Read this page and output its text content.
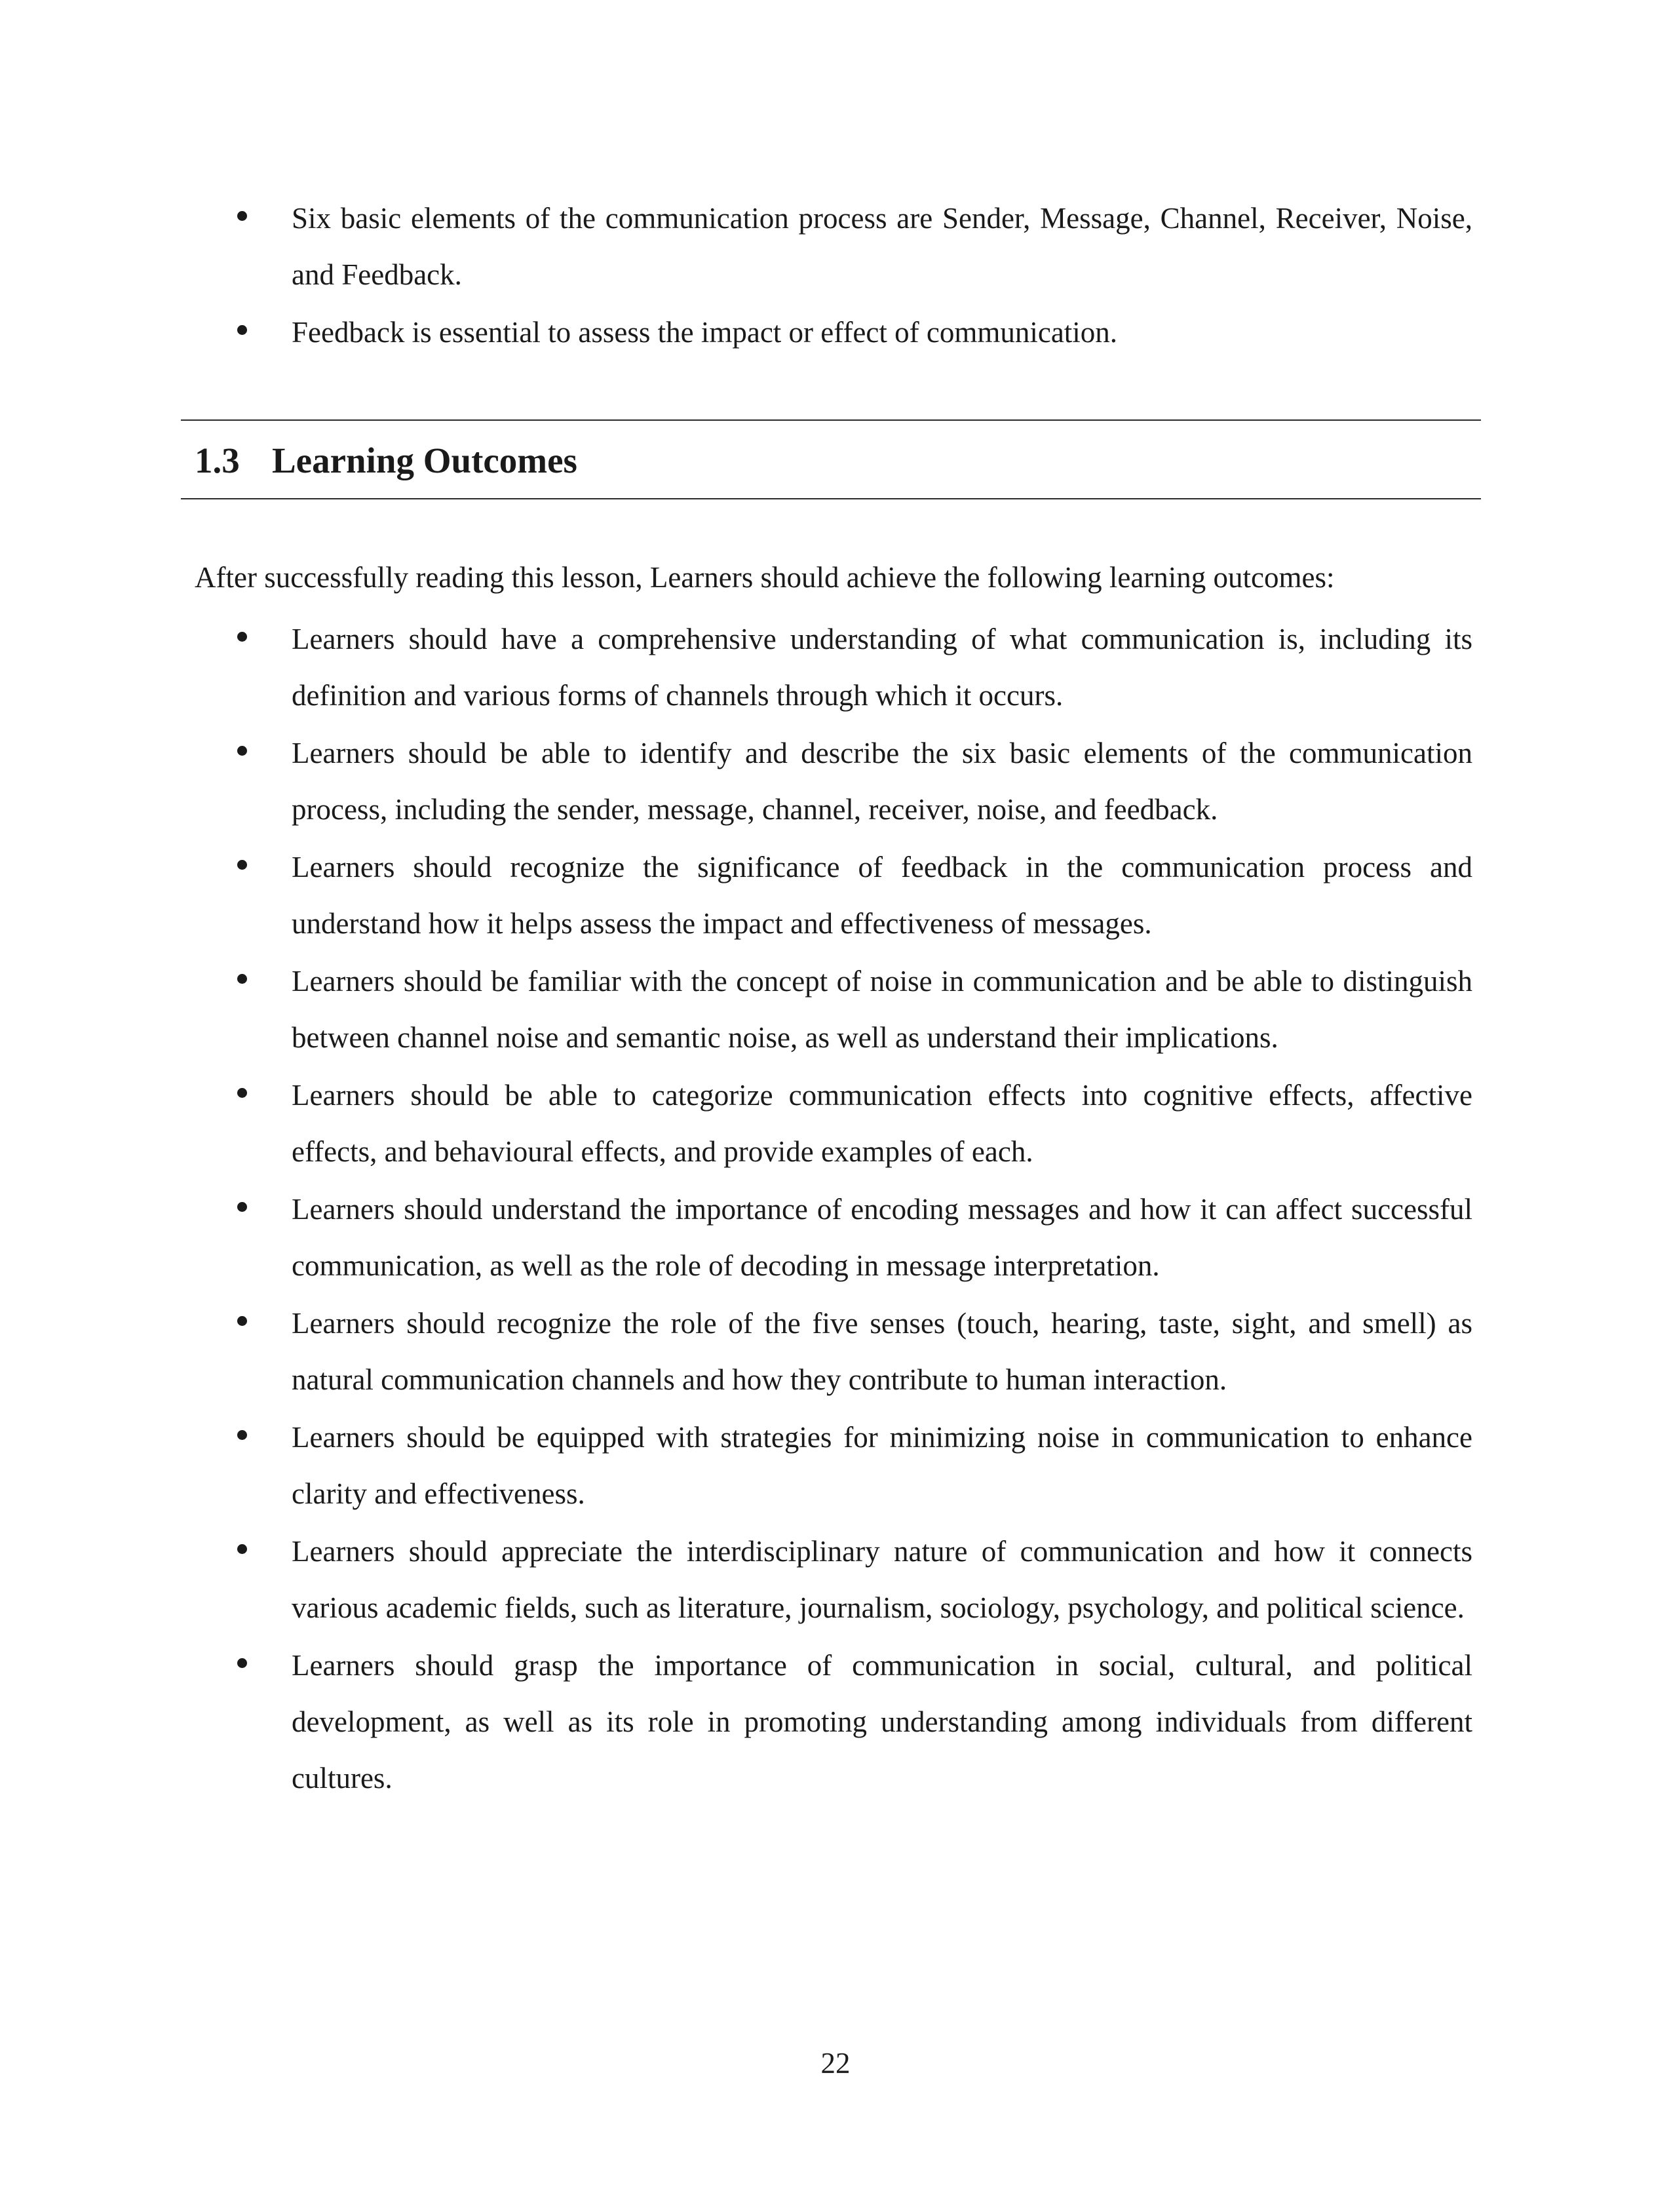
Six basic elements of the communication process are Sender, Message, Channel, Receiver, Noise, and Feedback.
Feedback is essential to assess the impact or effect of communication.
1.3 Learning Outcomes

After successfully reading this lesson, Learners should achieve the following learning outcomes:

Learners should have a comprehensive understanding of what communication is, including its definition and various forms of channels through which it occurs.
Learners should be able to identify and describe the six basic elements of the communication process, including the sender, message, channel, receiver, noise, and feedback.
Learners should recognize the significance of feedback in the communication process and understand how it helps assess the impact and effectiveness of messages.
Learners should be familiar with the concept of noise in communication and be able to distinguish between channel noise and semantic noise, as well as understand their implications.
Learners should be able to categorize communication effects into cognitive effects, affective effects, and behavioural effects, and provide examples of each.
Learners should understand the importance of encoding messages and how it can affect successful communication, as well as the role of decoding in message interpretation.
Learners should recognize the role of the five senses (touch, hearing, taste, sight, and smell) as natural communication channels and how they contribute to human interaction.
Learners should be equipped with strategies for minimizing noise in communication to enhance clarity and effectiveness.
Learners should appreciate the interdisciplinary nature of communication and how it connects various academic fields, such as literature, journalism, sociology, psychology, and political science.
Learners should grasp the importance of communication in social, cultural, and political development, as well as its role in promoting understanding among individuals from different cultures.
22
